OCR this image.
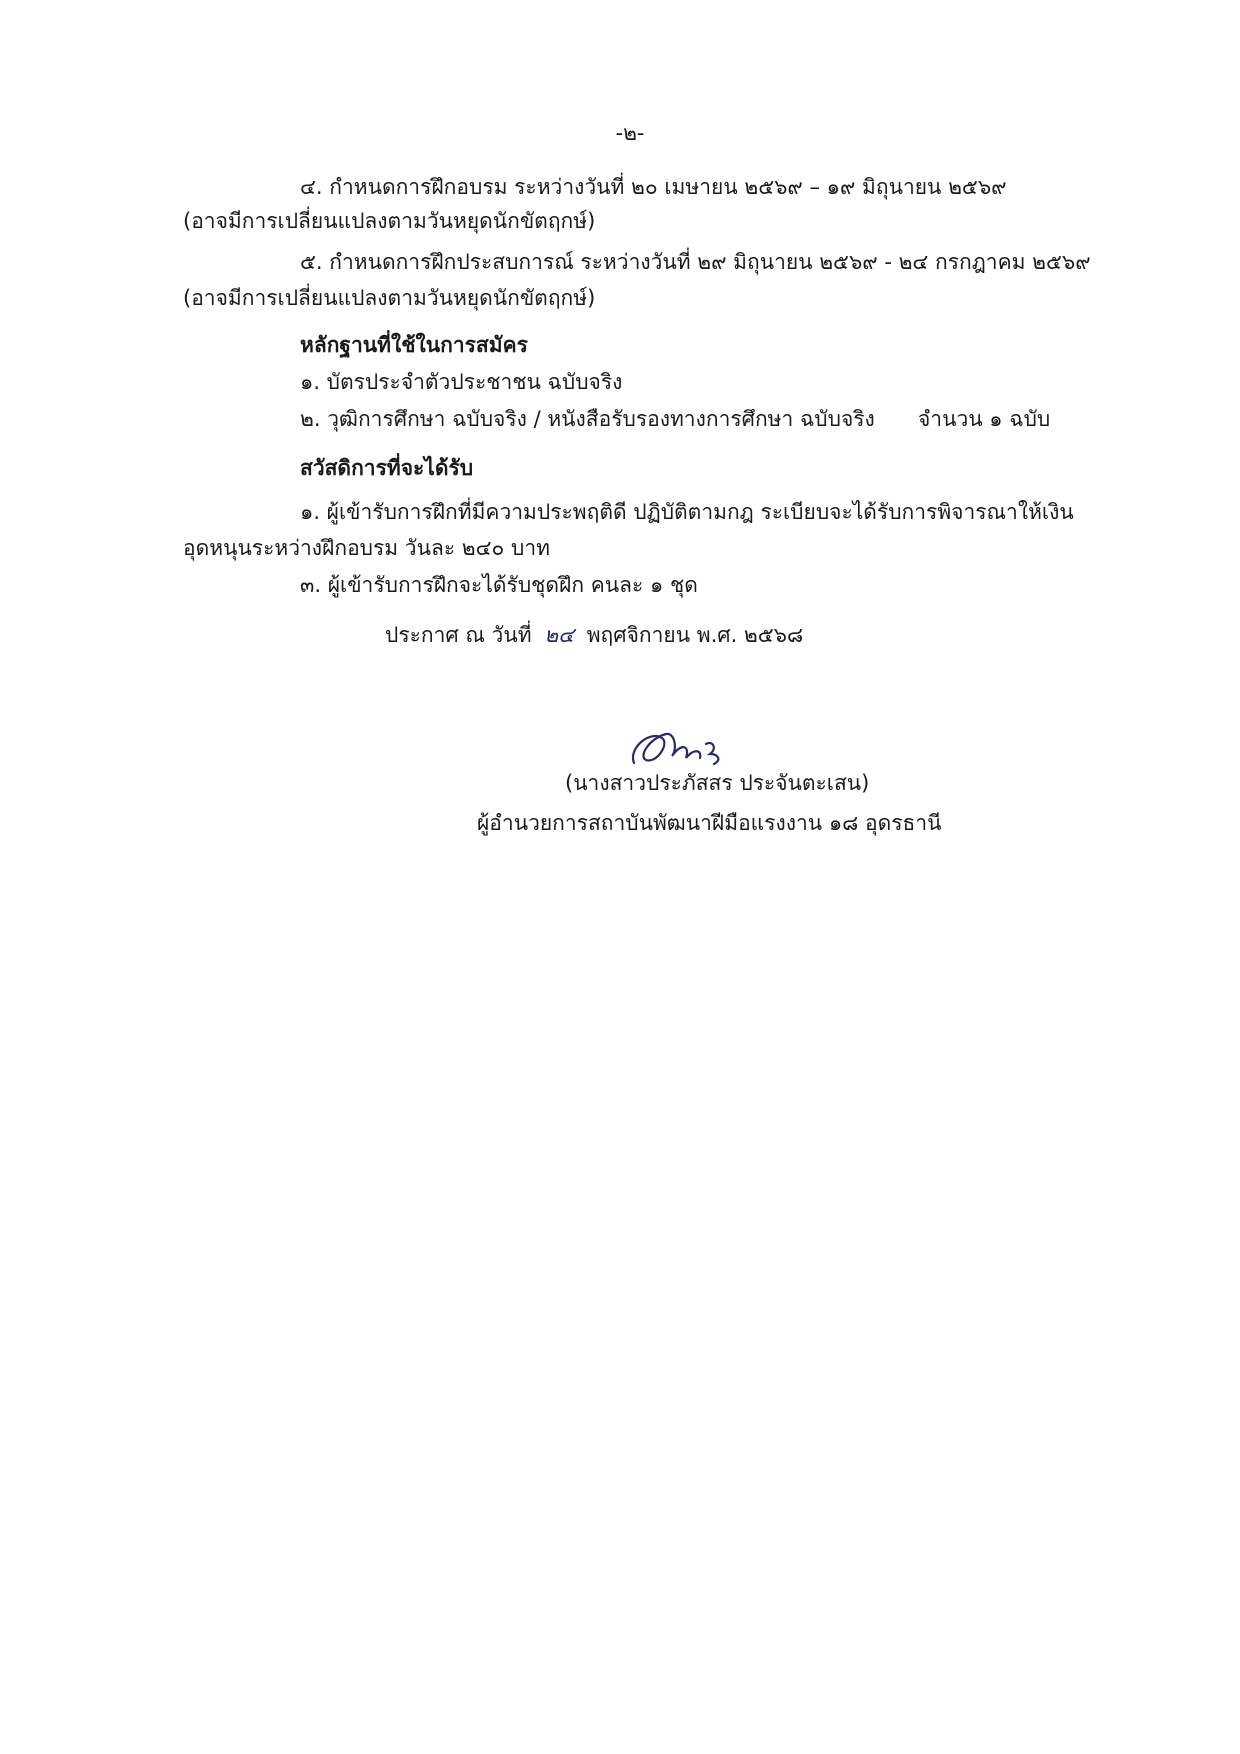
-๒-
๔. กำหนดการฝึกอบรม ระหว่างวันที่ ๒๐ เมษายน ๒๕๖๙ – ๑๙ มิถุนายน ๒๕๖๙
(อาจมีการเปลี่ยนแปลงตามวันหยุดนักขัตฤกษ์)
๕. กำหนดการฝึกประสบการณ์ ระหว่างวันที่ ๒๙ มิถุนายน ๒๕๖๙ - ๒๔ กรกฎาคม ๒๕๖๙
(อาจมีการเปลี่ยนแปลงตามวันหยุดนักขัตฤกษ์)
หลักฐานที่ใช้ในการสมัคร
๑. บัตรประจำตัวประชาชน ฉบับจริง
๒. วุฒิการศึกษา ฉบับจริง / หนังสือรับรองทางการศึกษา ฉบับจริง จำนวน ๑ ฉบับ
สวัสดิการที่จะได้รับ
๑. ผู้เข้ารับการฝึกที่มีความประพฤติดี ปฏิบัติตามกฎ ระเบียบจะได้รับการพิจารณาให้เงิน
อุดหนุนระหว่างฝึกอบรม วันละ ๒๔๐ บาท
๓. ผู้เข้ารับการฝึกจะได้รับชุดฝึก คนละ ๑ ชุด
ประกาศ ณ วันที่ ๒๔ พฤศจิกายน พ.ศ. ๒๕๖๘
(นางสาวประภัสสร ประจันตะเสน)
ผู้อำนวยการสถาบันพัฒนาฝีมือแรงงาน ๑๘ อุดรธานี
